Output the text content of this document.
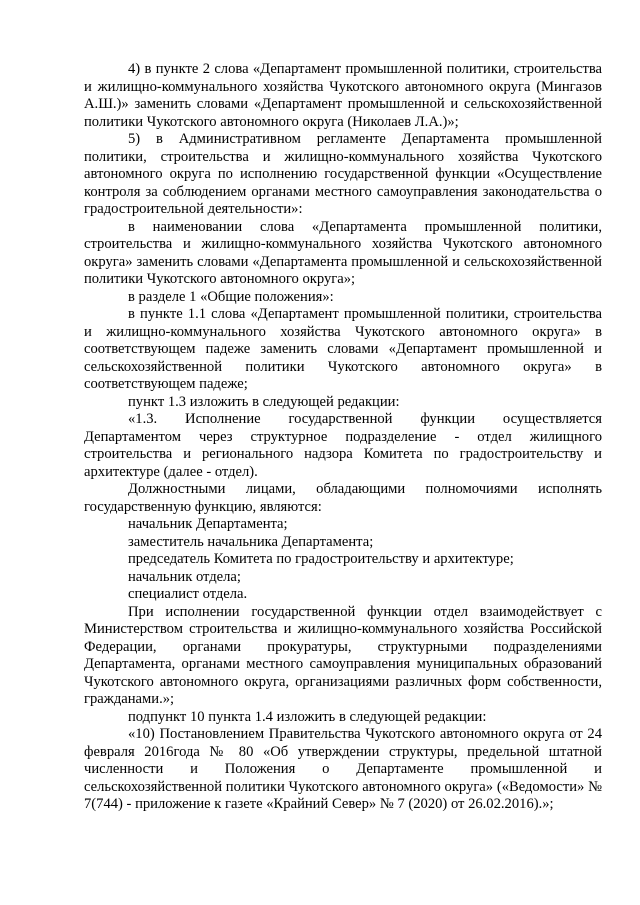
4) в пункте 2 слова «Департамент промышленной политики, строительства и жилищно-коммунального хозяйства Чукотского автономного округа (Мингазов А.Ш.)» заменить словами «Департамент промышленной и сельскохозяйственной политики Чукотского автономного округа (Николаев Л.А.)»;

5) в Административном регламенте Департамента промышленной политики, строительства и жилищно-коммунального хозяйства Чукотского автономного округа по исполнению государственной функции «Осуществление контроля за соблюдением органами местного самоуправления законодательства о градостроительной деятельности»:

в наименовании слова «Департамента промышленной политики, строительства и жилищно-коммунального хозяйства Чукотского автономного округа» заменить словами «Департамента промышленной и сельскохозяйственной политики Чукотского автономного округа»;

в разделе 1 «Общие положения»:

в пункте 1.1 слова «Департамент промышленной политики, строительства и жилищно-коммунального хозяйства Чукотского автономного округа» в соответствующем падеже заменить словами «Департамент промышленной и сельскохозяйственной политики Чукотского автономного округа» в соответствующем падеже;

пункт 1.3 изложить в следующей редакции:

«1.3. Исполнение государственной функции осуществляется Департаментом через структурное подразделение - отдел жилищного строительства и регионального надзора Комитета по градостроительству и архитектуре (далее - отдел).

Должностными лицами, обладающими полномочиями исполнять государственную функцию, являются:

начальник Департамента;

заместитель начальника Департамента;

председатель Комитета по градостроительству и архитектуре;

начальник отдела;

специалист отдела.

При исполнении государственной функции отдел взаимодействует с Министерством строительства и жилищно-коммунального хозяйства Российской Федерации, органами прокуратуры, структурными подразделениями Департамента, органами местного самоуправления муниципальных образований Чукотского автономного округа, организациями различных форм собственности, гражданами.»;

подпункт 10 пункта 1.4 изложить в следующей редакции:

«10) Постановлением Правительства Чукотского автономного округа от 24 февраля 2016года № 80 «Об утверждении структуры, предельной штатной численности и Положения о Департаменте промышленной и сельскохозяйственной политики Чукотского автономного округа» («Ведомости» № 7(744) - приложение к газете «Крайний Север» № 7 (2020) от 26.02.2016).»;
